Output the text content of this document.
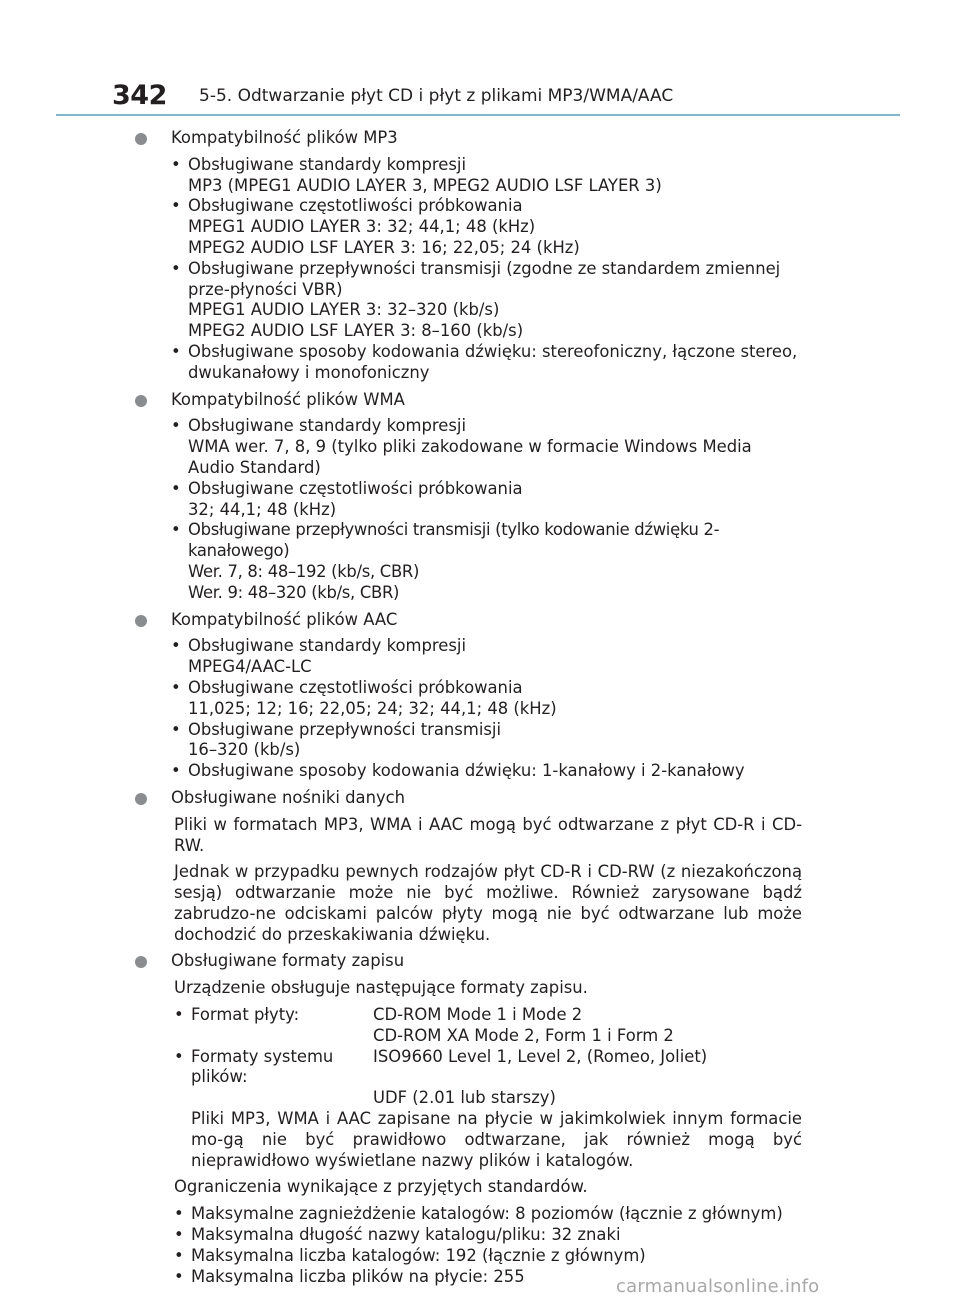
342 5-5. Odtwarzanie płyt CD i płyt z plikami MP3/WMA/AAC
Kompatybilność plików MP3
• Obsługiwane standardy kompresji
MP3 (MPEG1 AUDIO LAYER 3, MPEG2 AUDIO LSF LAYER 3)
• Obsługiwane częstotliwości próbkowania
MPEG1 AUDIO LAYER 3: 32; 44,1; 48 (kHz)
MPEG2 AUDIO LSF LAYER 3: 16; 22,05; 24 (kHz)
• Obsługiwane przepływności transmisji (zgodne ze standardem zmiennej prze-płyności VBR)
MPEG1 AUDIO LAYER 3: 32–320 (kb/s)
MPEG2 AUDIO LSF LAYER 3: 8–160 (kb/s)
• Obsługiwane sposoby kodowania dźwięku: stereofoniczny, łączone stereo, dwukanałowy i monofoniczny
Kompatybilność plików WMA
• Obsługiwane standardy kompresji
WMA wer. 7, 8, 9 (tylko pliki zakodowane w formacie Windows Media Audio Standard)
• Obsługiwane częstotliwości próbkowania
32; 44,1; 48 (kHz)
• Obsługiwane przepływności transmisji (tylko kodowanie dźwięku 2-kanałowego)
Wer. 7, 8: 48–192 (kb/s, CBR)
Wer. 9: 48–320 (kb/s, CBR)
Kompatybilność plików AAC
• Obsługiwane standardy kompresji
MPEG4/AAC-LC
• Obsługiwane częstotliwości próbkowania
11,025; 12; 16; 22,05; 24; 32; 44,1; 48 (kHz)
• Obsługiwane przepływności transmisji
16–320 (kb/s)
• Obsługiwane sposoby kodowania dźwięku: 1-kanałowy i 2-kanałowy
Obsługiwane nośniki danych
Pliki w formatach MP3, WMA i AAC mogą być odtwarzane z płyt CD-R i CD-RW.
Jednak w przypadku pewnych rodzajów płyt CD-R i CD-RW (z niezakończoną sesją) odtwarzanie może nie być możliwe. Również zarysowane bądź zabrudzo-ne odciskami palców płyty mogą nie być odtwarzane lub może dochodzić do przeskakiwania dźwięku.
Obsługiwane formaty zapisu
Urządzenie obsługuje następujące formaty zapisu.
• Format płyty:	CD-ROM Mode 1 i Mode 2
CD-ROM XA Mode 2, Form 1 i Form 2
• Formaty systemu plików:
ISO9660 Level 1, Level 2, (Romeo, Joliet)
UDF (2.01 lub starszy)
Pliki MP3, WMA i AAC zapisane na płycie w jakimkolwiek innym formacie mo-gą nie być prawidłowo odtwarzane, jak również mogą być nieprawidłowo wyświetlane nazwy plików i katalogów.
Ograniczenia wynikające z przyjętych standardów.
• Maksymalne zagnieżdżenie katalogów: 8 poziomów (łącznie z głównym)
• Maksymalna długość nazwy katalogu/pliku: 32 znaki
• Maksymalna liczba katalogów: 192 (łącznie z głównym)
• Maksymalna liczba plików na płycie: 255	carmanualsonline.info
